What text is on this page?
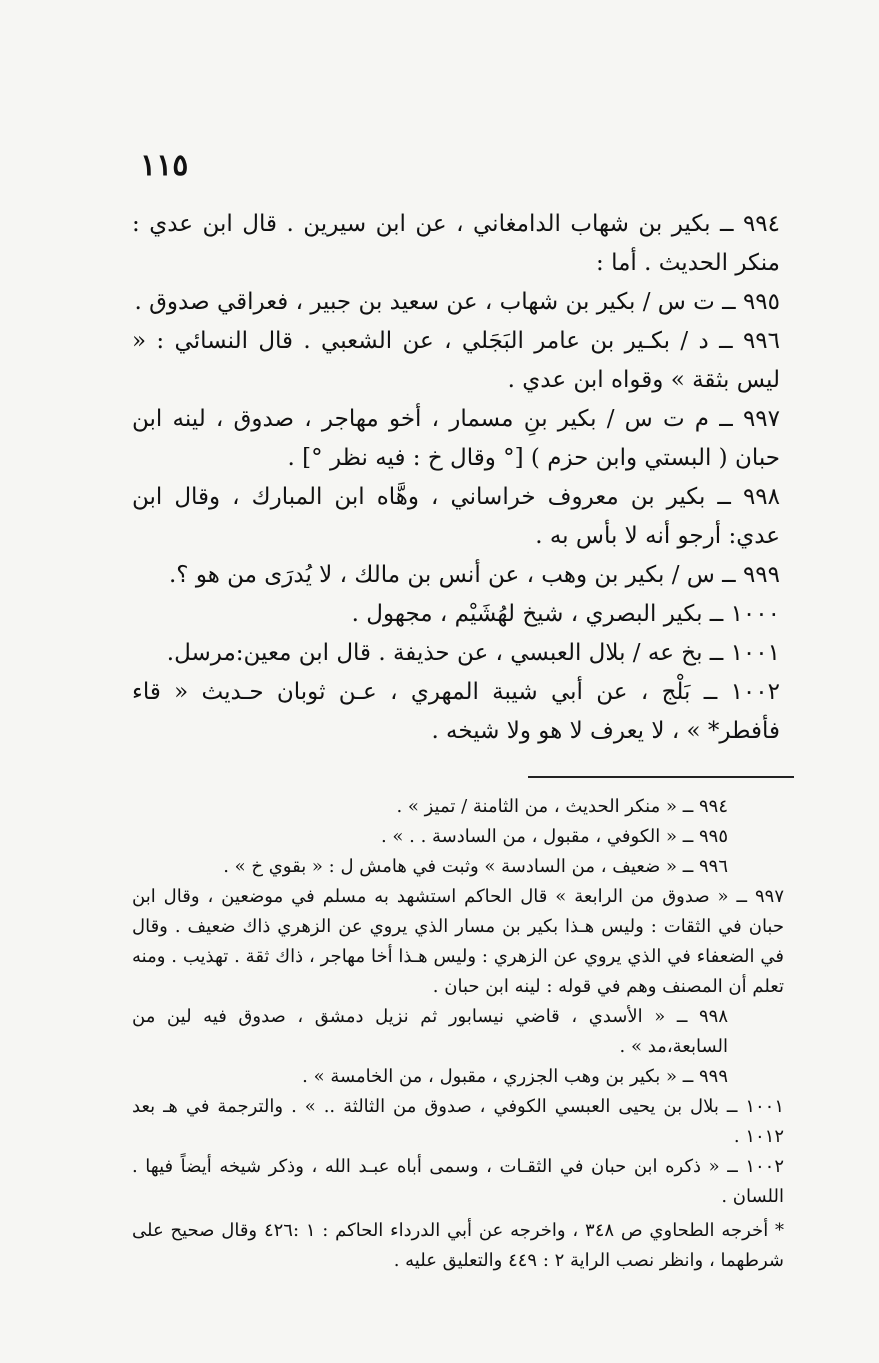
١١٥

٩٩٤ ــ بكير بن شهاب الدامغاني ، عن ابن سيرين . قال ابن عدي : منكر الحديث . أما :

٩٩٥ ــ ت س / بكير بن شهاب ، عن سعيد بن جبير ، فعراقي صدوق .

٩٩٦ ــ د / بكـير بن عامر البَجَلي ، عن الشعبي . قال النسائي : « ليس بثقة » وقواه ابن عدي .

٩٩٧ ــ م ت س / بكير بنِ مسمار ، أخو مهاجر ، صدوق ، لينه ابن حبان ( البستي وابن حزم ) [° وقال خ : فيه نظر °] .

٩٩٨ ــ بكير بن معروف خراساني ، وهَّاه ابن المبارك ، وقال ابن عدي: أرجو أنه لا بأس به .

٩٩٩ ــ س / بكير بن وهب ، عن أنس بن مالك ، لا يُدرَى من هو ؟.

١٠٠٠ ــ بكير البصري ، شيخ لهُشَيْم ، مجهول .

١٠٠١ ــ بخ عه / بلال العبسي ، عن حذيفة . قال ابن معين:مرسل.

١٠٠٢ ــ بَلْج ، عن أبي شيبة المهري ، عـن ثوبان حـديث « قاء فأفطر* » ، لا يعرف لا هو ولا شيخه .

٩٩٤ ــ « منكر الحديث ، من الثامنة / تميز » .

٩٩٥ ــ « الكوفي ، مقبول ، من السادسة . . » .

٩٩٦ ــ « ضعيف ، من السادسة » وثبت في هامش ل : « بقوي خ » .

٩٩٧ ــ « صدوق من الرابعة » قال الحاكم استشهد به مسلم في موضعين ، وقال ابن حبان في الثقات : وليس هـذا بكير بن مسار الذي يروي عن الزهري ذاك ضعيف . وقال في الضعفاء في الذي يروي عن الزهري : وليس هـذا أخا مهاجر ، ذاك ثقة . تهذيب . ومنه تعلم أن المصنف وهم في قوله : لينه ابن حبان .

٩٩٨ ــ « الأسدي ، قاضي نيسابور ثم نزيل دمشق ، صدوق فيه لين من السابعة،مد » .

٩٩٩ ــ « بكير بن وهب الجزري ، مقبول ، من الخامسة » .

١٠٠١ ــ بلال بن يحيى العبسي الكوفي ، صدوق من الثالثة .. » . والترجمة في هـ بعد ١٠١٢ .

١٠٠٢ ــ « ذكره ابن حبان في الثقـات ، وسمى أباه عبـد الله ، وذكر شيخه أيضاً فيها . اللسان .

* أخرجه الطحاوي ص ٣٤٨ ، واخرجه عن أبي الدرداء الحاكم : ١ :٤٢٦ وقال صحيح على شرطهما ، وانظر نصب الراية ٢ : ٤٤٩ والتعليق عليه .
